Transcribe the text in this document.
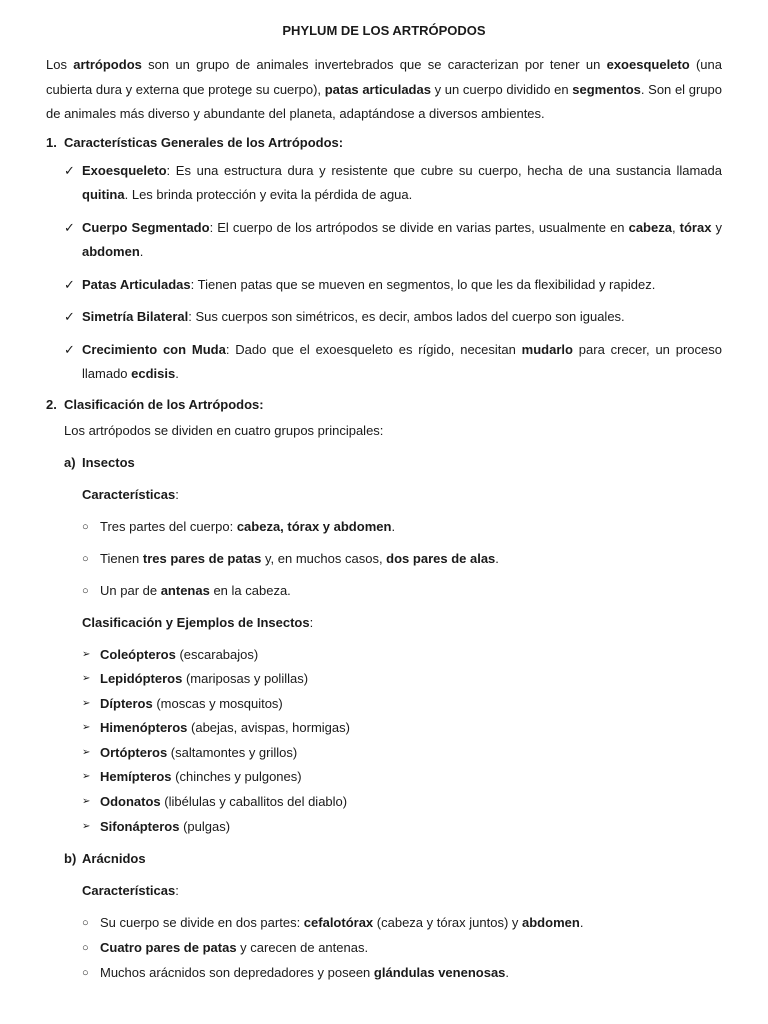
PHYLUM DE LOS ARTRÓPODOS

Los artrópodos son un grupo de animales invertebrados que se caracterizan por tener un exoesqueleto (una cubierta dura y externa que protege su cuerpo), patas articuladas y un cuerpo dividido en segmentos. Son el grupo de animales más diverso y abundante del planeta, adaptándose a diversos ambientes.

1. Características Generales de los Artrópodos:
✓ Exoesqueleto: Es una estructura dura y resistente que cubre su cuerpo, hecha de una sustancia llamada quitina. Les brinda protección y evita la pérdida de agua.
✓ Cuerpo Segmentado: El cuerpo de los artrópodos se divide en varias partes, usualmente en cabeza, tórax y abdomen.
✓ Patas Articuladas: Tienen patas que se mueven en segmentos, lo que les da flexibilidad y rapidez.
✓ Simetría Bilateral: Sus cuerpos son simétricos, es decir, ambos lados del cuerpo son iguales.
✓ Crecimiento con Muda: Dado que el exoesqueleto es rígido, necesitan mudarlo para crecer, un proceso llamado ecdisis.
2. Clasificación de los Artrópodos:
Los artrópodos se dividen en cuatro grupos principales:
a) Insectos
Características:
○ Tres partes del cuerpo: cabeza, tórax y abdomen.
○ Tienen tres pares de patas y, en muchos casos, dos pares de alas.
○ Un par de antenas en la cabeza.
Clasificación y Ejemplos de Insectos:
➢ Coleópteros (escarabajos)
➢ Lepidópteros (mariposas y polillas)
➢ Dípteros (moscas y mosquitos)
➢ Himenópteros (abejas, avispas, hormigas)
➢ Ortópteros (saltamontes y grillos)
➢ Hemípteros (chinches y pulgones)
➢ Odonatos (libélulas y caballitos del diablo)
➢ Sifonápteros (pulgas)
b) Arácnidos
Características:
○ Su cuerpo se divide en dos partes: cefalotórax (cabeza y tórax juntos) y abdomen.
○ Cuatro pares de patas y carecen de antenas.
○ Muchos arácnidos son depredadores y poseen glándulas venenosas.
